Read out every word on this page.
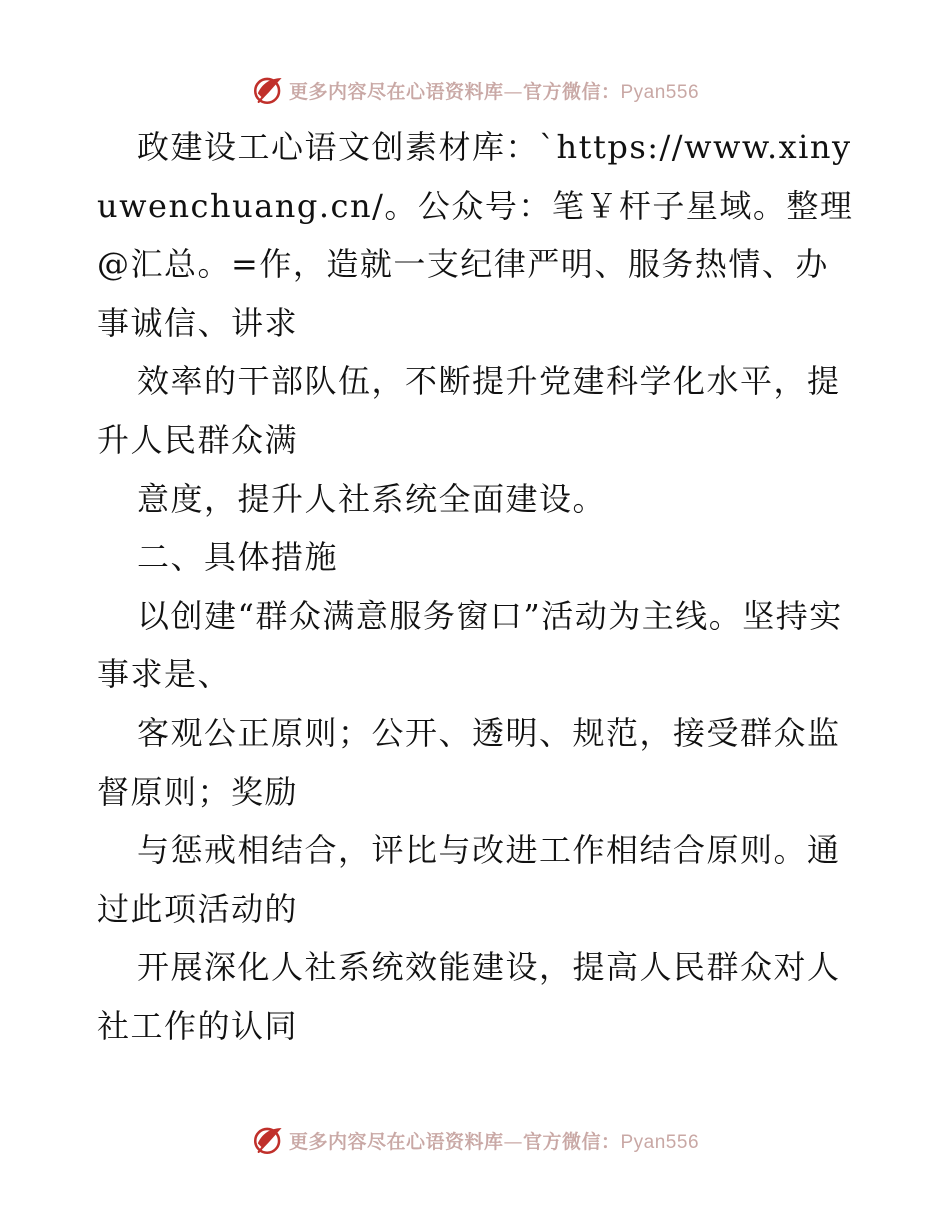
更多内容尽在心语资料库—官方微信：Pyan556

政建设工心语文创素材库：`https://www.xinyuwenchuang.cn/。公众号：笔￥杆子星域。整理@汇总。=作，造就一支纪律严明、服务热情、办事诚信、讲求

效率的干部队伍，不断提升党建科学化水平，提升人民群众满

意度，提升人社系统全面建设。

二、具体措施

以创建“群众满意服务窗口”活动为主线。坚持实事求是、

客观公正原则；公开、透明、规范，接受群众监督原则；奖励

与惩戒相结合，评比与改进工作相结合原则。通过此项活动的

开展深化人社系统效能建设，提高人民群众对人社工作的认同

更多内容尽在心语资料库—官方微信：Pyan556
